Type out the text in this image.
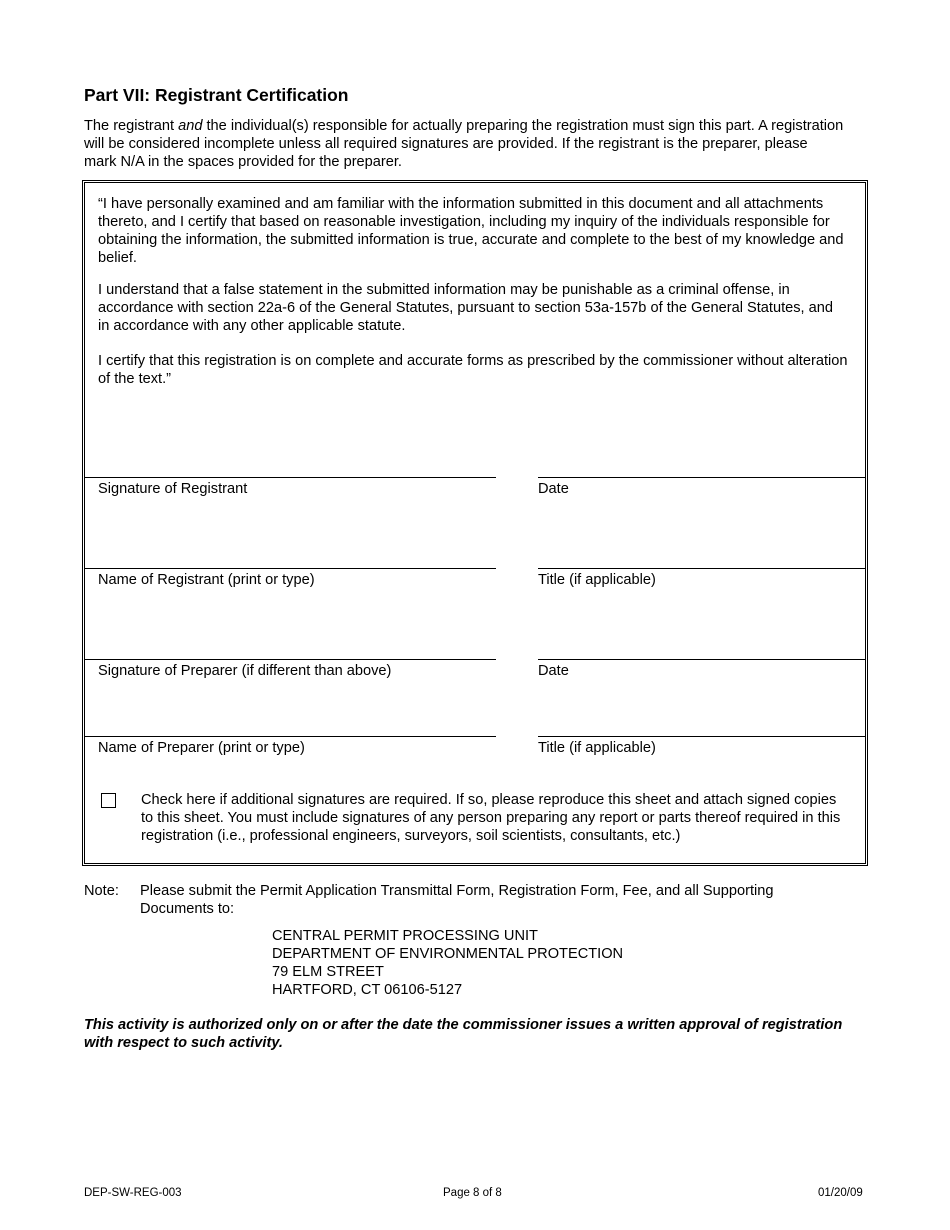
Part VII: Registrant Certification
The registrant and the individual(s) responsible for actually preparing the registration must sign this part. A registration will be considered incomplete unless all required signatures are provided. If the registrant is the preparer, please mark N/A in the spaces provided for the preparer.
“I have personally examined and am familiar with the information submitted in this document and all attachments thereto, and I certify that based on reasonable investigation, including my inquiry of the individuals responsible for obtaining the information, the submitted information is true, accurate and complete to the best of my knowledge and belief.
I understand that a false statement in the submitted information may be punishable as a criminal offense, in accordance with section 22a-6 of the General Statutes, pursuant to section 53a-157b of the General Statutes, and in accordance with any other applicable statute.
I certify that this registration is on complete and accurate forms as prescribed by the commissioner without alteration of the text.”
Signature of Registrant	Date
Name of Registrant (print or type)	Title (if applicable)
Signature of Preparer (if different than above)	Date
Name of Preparer (print or type)	Title (if applicable)
Check here if additional signatures are required. If so, please reproduce this sheet and attach signed copies to this sheet. You must include signatures of any person preparing any report or parts thereof required in this registration (i.e., professional engineers, surveyors, soil scientists, consultants, etc.)
Note: Please submit the Permit Application Transmittal Form, Registration Form, Fee, and all Supporting Documents to:
CENTRAL PERMIT PROCESSING UNIT
DEPARTMENT OF ENVIRONMENTAL PROTECTION
79 ELM STREET
HARTFORD, CT 06106-5127
This activity is authorized only on or after the date the commissioner issues a written approval of registration with respect to such activity.
DEP-SW-REG-003	Page 8 of 8	01/20/09
